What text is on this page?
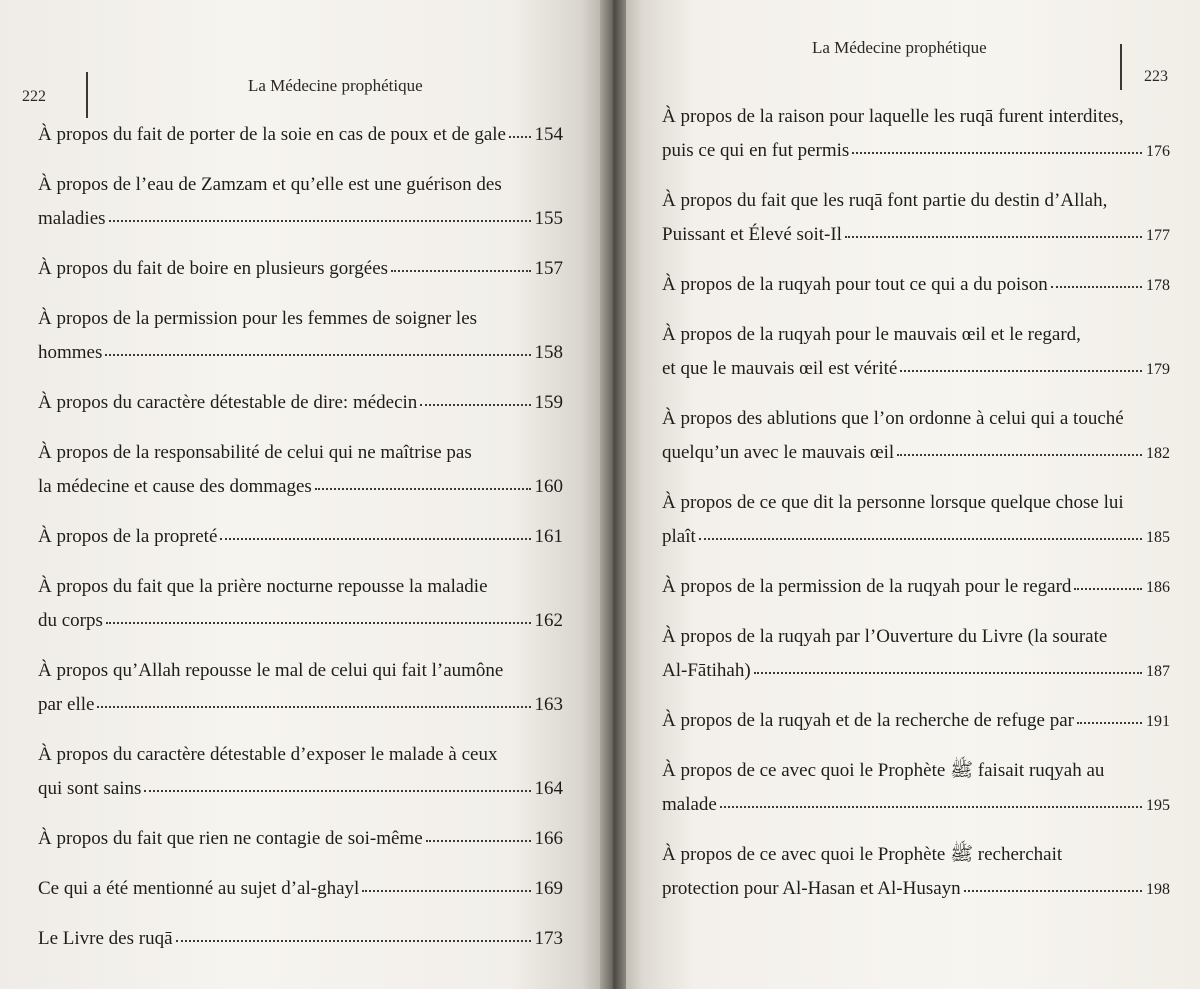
222
La Médecine prophétique
À propos du fait de porter de la soie en cas de poux et de gale 154
À propos de l’eau de Zamzam et qu’elle est une guérison des
maladies	155
À propos du fait de boire en plusieurs gorgées	157
À propos de la permission pour les femmes de soigner les
hommes	158
À propos du caractère détestable de dire: médecin	159
À propos de la responsabilité de celui qui ne maîtrise pas
la médecine et cause des dommages	160
À propos de la propreté	161
À propos du fait que la prière nocturne repousse la maladie
du corps	162
À propos qu’Allah repousse le mal de celui qui fait l’aumône
par elle	163
À propos du caractère détestable d’exposer le malade à ceux
qui sont sains	164
À propos du fait que rien ne contagie de soi-même	166
Ce qui a été mentionné au sujet d’al-ghayl	169
Le Livre des ruqā	173
La Médecine prophétique
223
À propos de la raison pour laquelle les ruqā furent interdites,
puis ce qui en fut permis	176
À propos du fait que les ruqā font partie du destin d’Allah,
Puissant et Élevé soit-Il	177
À propos de la ruqyah pour tout ce qui a du poison	178
À propos de la ruqyah pour le mauvais œil et le regard,
et que le mauvais œil est vérité	179
À propos des ablutions que l’on ordonne à celui qui a touché
quelqu’un avec le mauvais œil	182
À propos de ce que dit la personne lorsque quelque chose lui
plaît	185
À propos de la permission de la ruqyah pour le regard	186
À propos de la ruqyah par l’Ouverture du Livre (la sourate
Al-Fātihah)	187
À propos de la ruqyah et de la recherche de refuge par	191
À propos de ce avec quoi le Prophète ﷺ faisait ruqyah au
malade	195
À propos de ce avec quoi le Prophète ﷺ recherchait
protection pour Al-Hasan et Al-Husayn	198
